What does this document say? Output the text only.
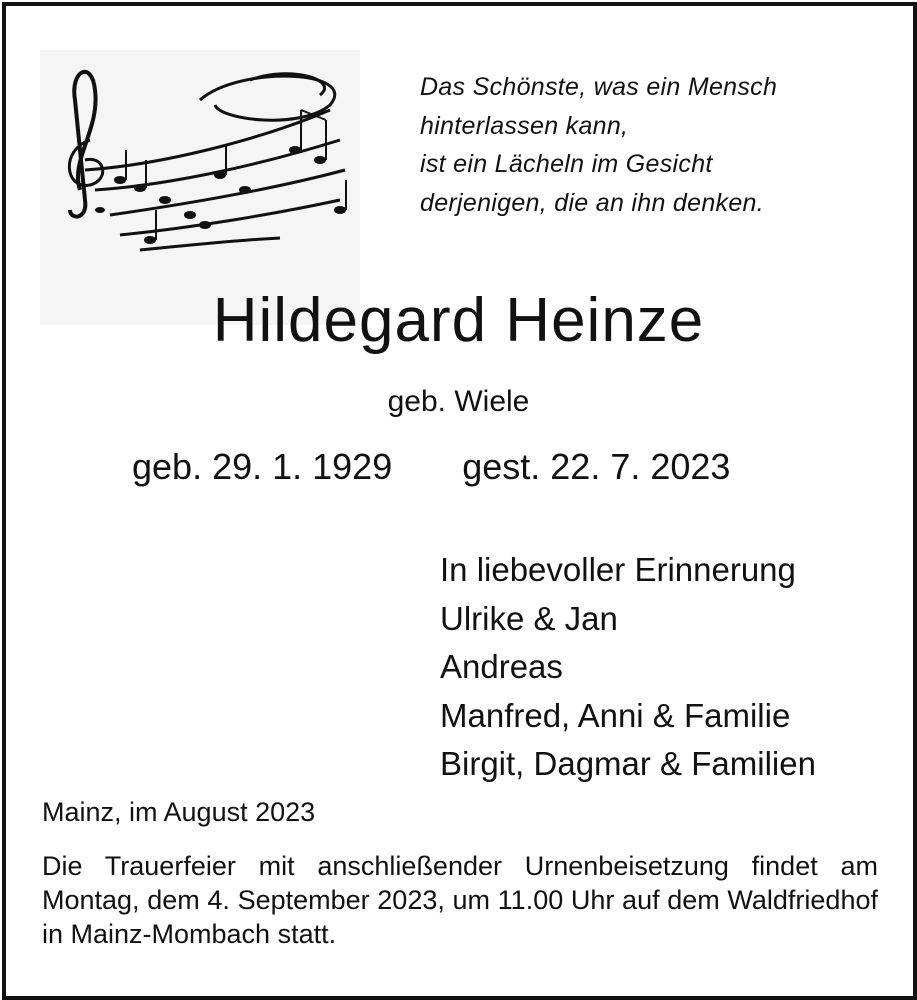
Das Schönste, was ein Mensch
hinterlassen kann,
ist ein Lächeln im Gesicht
derjenigen, die an ihn denken.
Hildegard Heinze
geb. Wiele
geb. 29. 1. 1929 gest. 22. 7. 2023
In liebevoller Erinnerung
Ulrike & Jan
Andreas
Manfred, Anni & Familie
Birgit, Dagmar & Familien
Mainz, im August 2023
Die Trauerfeier mit anschließender Urnenbeisetzung findet am Montag, dem 4. September 2023, um 11.00 Uhr auf dem Waldfriedhof in Mainz-Mombach statt.
